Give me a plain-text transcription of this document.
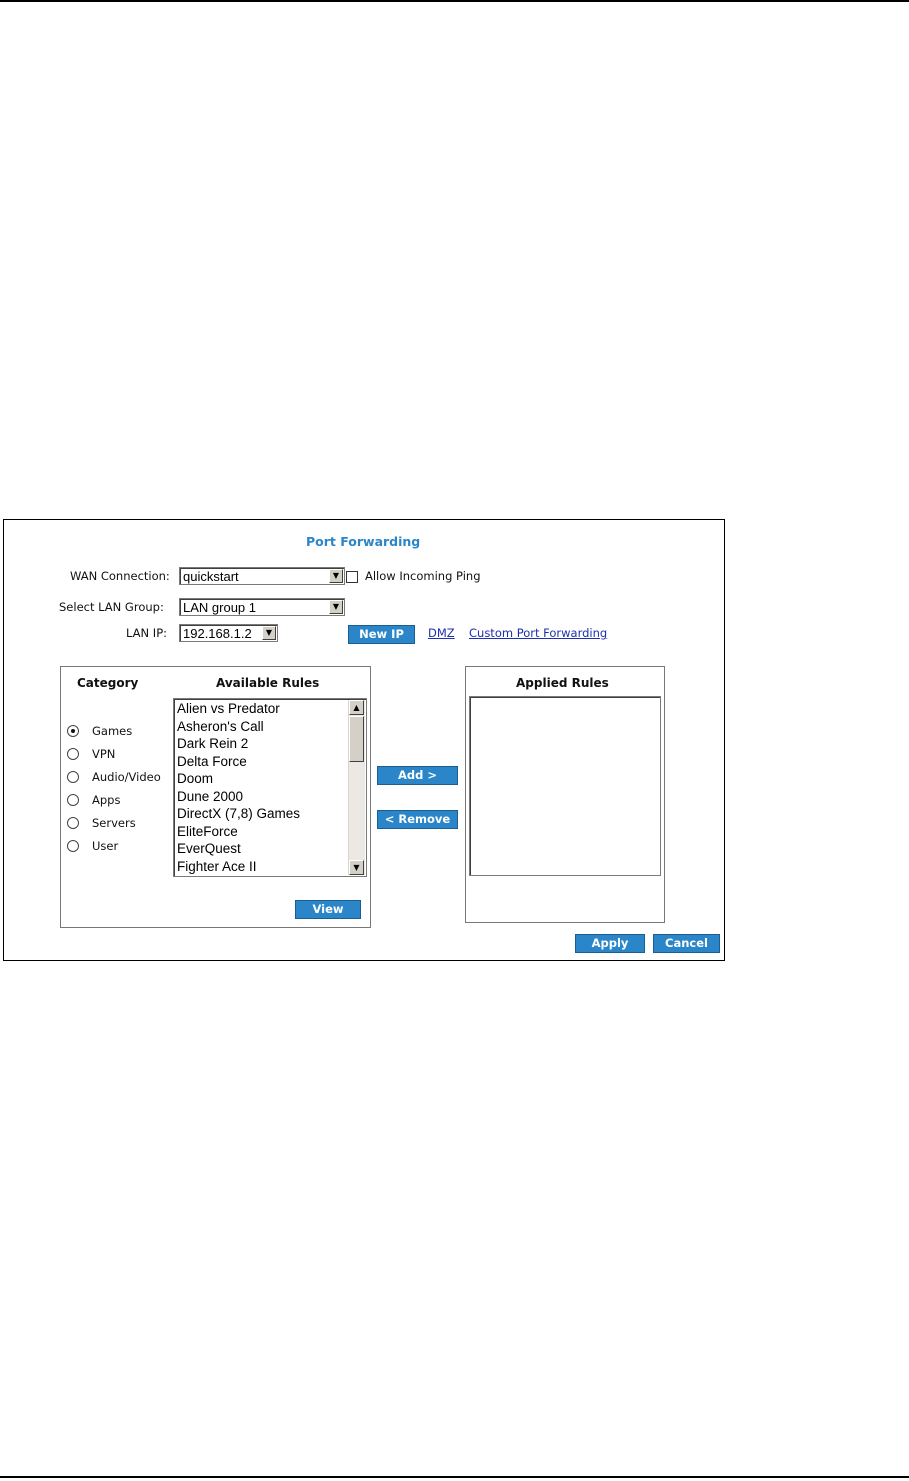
Port Forwarding
WAN Connection: quickstart	▼	Allow Incoming Ping
Select LAN Group: LAN group 1	▼
LAN IP: 192.168.1.2	▼	New IP	DMZ Custom Port Forwarding
Category	Available Rules
Games
VPN
Audio/Video
Apps
Servers
User
Alien vs Predator
Asheron's Call
Dark Rein 2
Delta Force
Doom
Dune 2000
DirectX (7,8) Games
EliteForce
EverQuest
Fighter Ace II
▲
▼
View
Add >
< Remove
Applied Rules
Apply	Cancel
